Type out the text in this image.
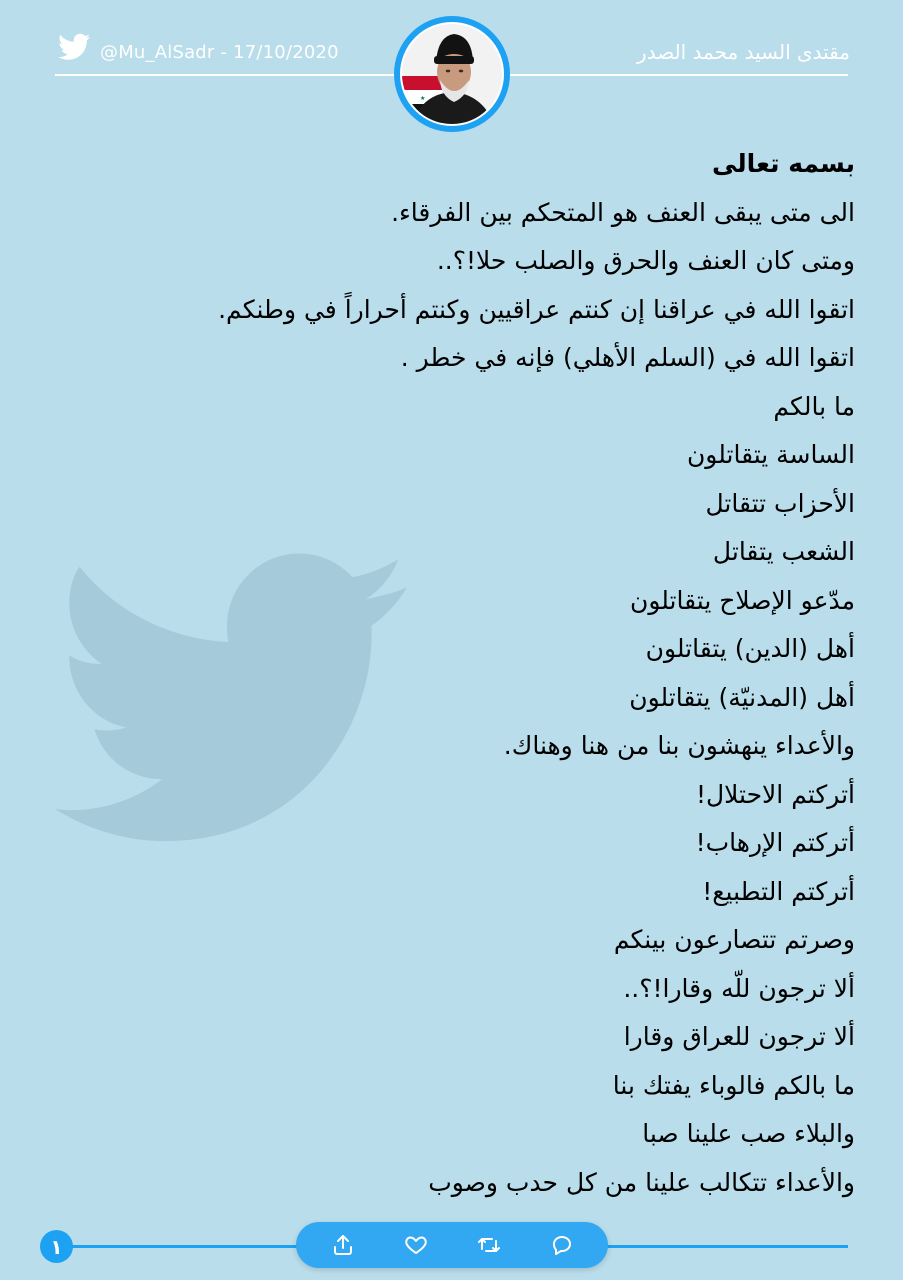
@Mu_AlSadr - 17/10/2020	مقتدى السيد محمد الصدر
★
بسمه تعالى
الى متى يبقى العنف هو المتحكم بين الفرقاء.
ومتى كان العنف والحرق والصلب حلا!؟..
اتقوا الله في عراقنا إن كنتم عراقيين وكنتم أحراراً في وطنكم.
اتقوا الله في (السلم الأهلي) فإنه في خطر .
ما بالكم
الساسة يتقاتلون
الأحزاب تتقاتل
الشعب يتقاتل
مدّعو الإصلاح يتقاتلون
أهل (الدين) يتقاتلون
أهل (المدنيّة) يتقاتلون
والأعداء ينهشون بنا من هنا وهناك.
أتركتم الاحتلال!
أتركتم الإرهاب!
أتركتم التطبيع!
وصرتم تتصارعون بينكم
ألا ترجون للّه وقارا!؟..
ألا ترجون للعراق وقارا
ما بالكم فالوباء يفتك بنا
والبلاء صب علينا صبا
والأعداء تتكالب علينا من كل حدب وصوب
١
